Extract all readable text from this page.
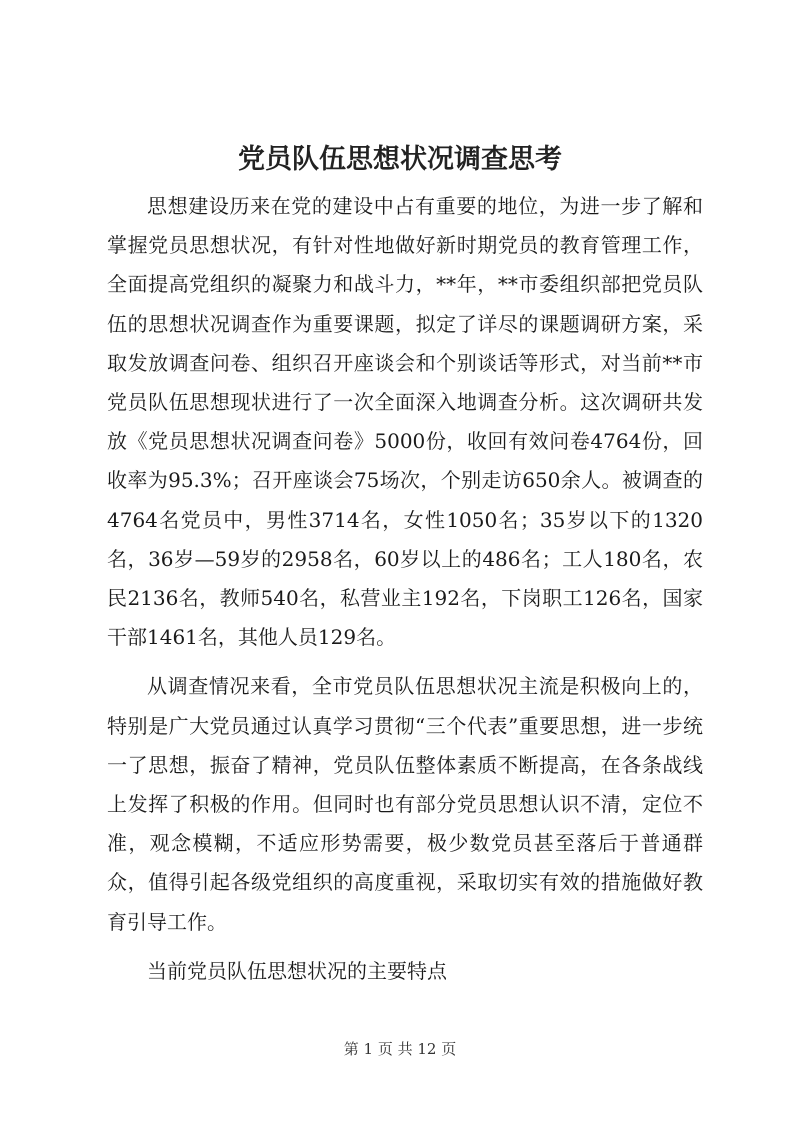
党员队伍思想状况调查思考

思想建设历来在党的建设中占有重要的地位，为进一步了解和掌握党员思想状况，有针对性地做好新时期党员的教育管理工作，全面提高党组织的凝聚力和战斗力，**年，**市委组织部把党员队伍的思想状况调查作为重要课题，拟定了详尽的课题调研方案，采取发放调查问卷、组织召开座谈会和个别谈话等形式，对当前**市党员队伍思想现状进行了一次全面深入地调查分析。这次调研共发放《党员思想状况调查问卷》5000份，收回有效问卷4764份，回收率为95.3%；召开座谈会75场次，个别走访650余人。被调查的4764名党员中，男性3714名，女性1050名；35岁以下的1320名，36岁—59岁的2958名，60岁以上的486名；工人180名，农民2136名，教师540名，私营业主192名，下岗职工126名，国家干部1461名，其他人员129名。

从调查情况来看，全市党员队伍思想状况主流是积极向上的，特别是广大党员通过认真学习贯彻“三个代表”重要思想，进一步统一了思想，振奋了精神，党员队伍整体素质不断提高，在各条战线上发挥了积极的作用。但同时也有部分党员思想认识不清，定位不准，观念模糊，不适应形势需要，极少数党员甚至落后于普通群众，值得引起各级党组织的高度重视，采取切实有效的措施做好教育引导工作。

当前党员队伍思想状况的主要特点

第 1 页 共 12 页
